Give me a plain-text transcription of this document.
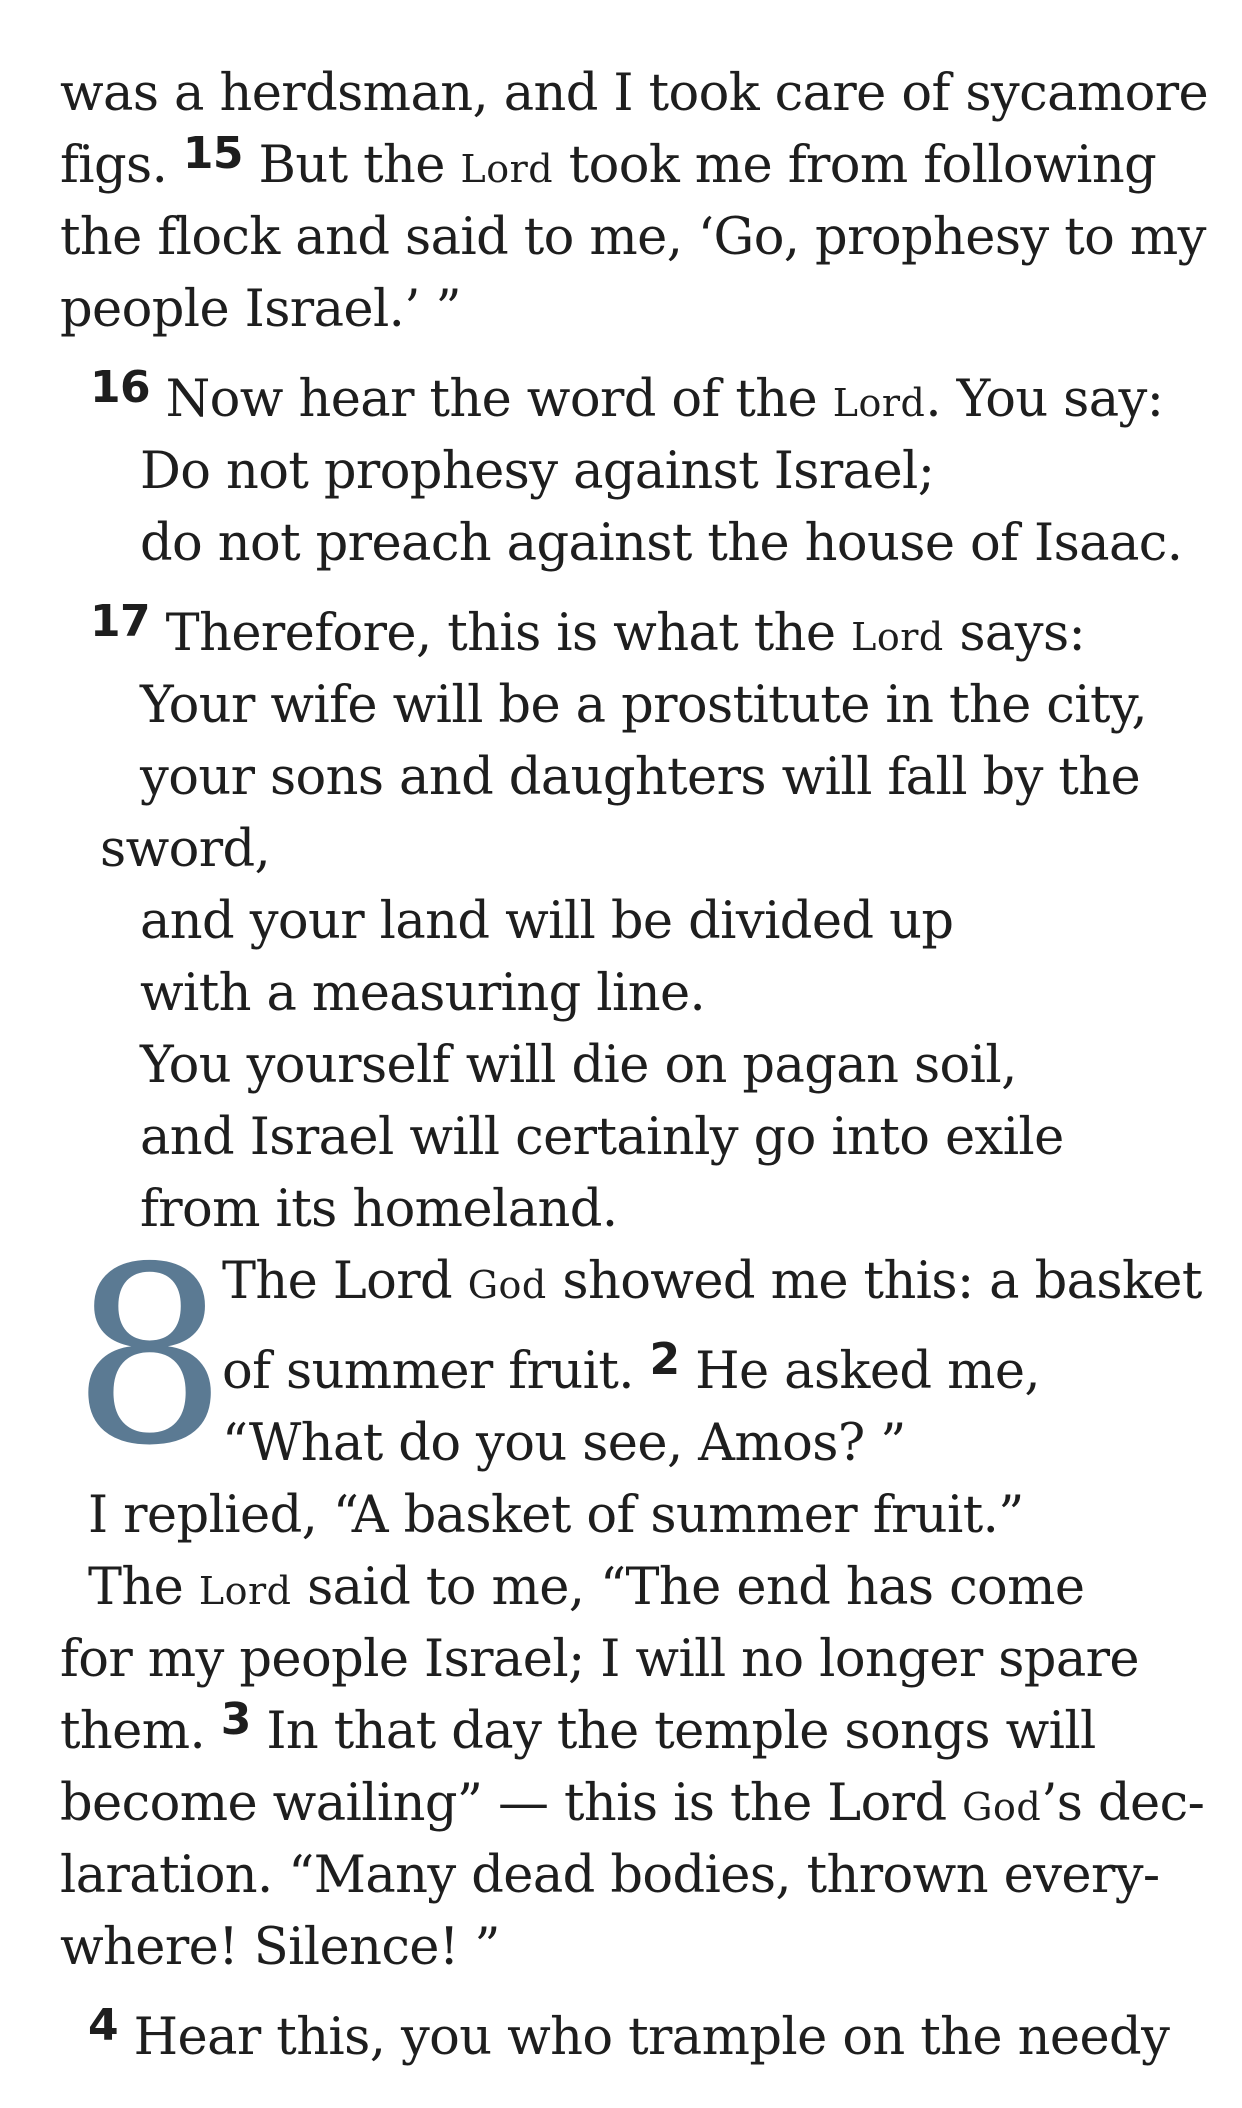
was a herdsman, and I took care of sycamore
figs. 15 But the Lord took me from following
the flock and said to me, ‘Go, prophesy to my
people Israel.’ ”
16 Now hear the word of the Lord. You say:
Do not prophesy against Israel;
do not preach against the house of Isaac.
17 Therefore, this is what the Lord says:
Your wife will be a prostitute in the city,
your sons and daughters will fall by the
sword,
and your land will be divided up
with a measuring line.
You yourself will die on pagan soil,
and Israel will certainly go into exile
from its homeland.
8
The Lord God showed me this: a basket
of summer fruit. 2 He asked me,
“What do you see, Amos? ”
I replied, “A basket of summer fruit.”
The Lord said to me, “The end has come
for my people Israel; I will no longer spare
them. 3 In that day the temple songs will
become wailing” — this is the Lord God’s dec-
laration. “Many dead bodies, thrown every-
where! Silence! ”
4 Hear this, you who trample on the needy
